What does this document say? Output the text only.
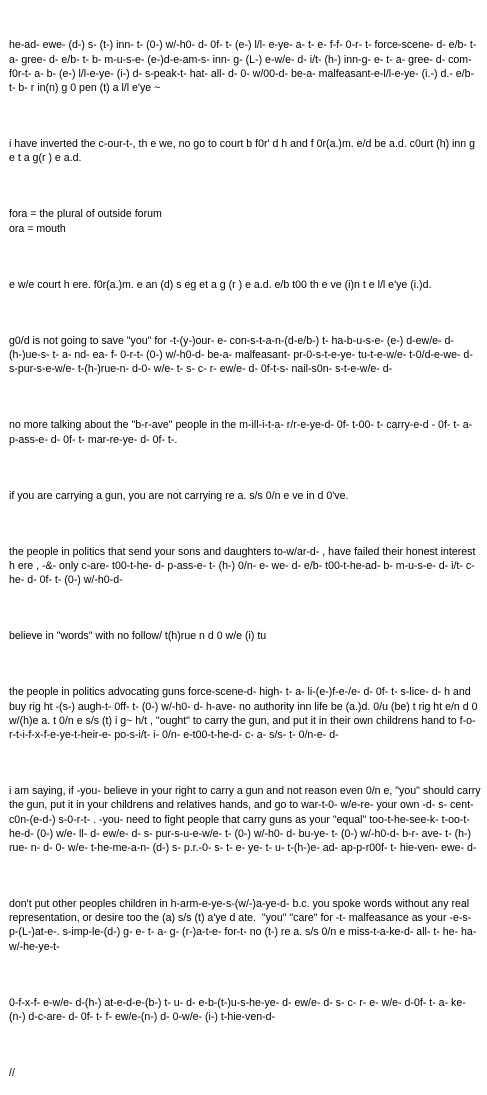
he-ad- ewe- (d-) s- (t-) inn- t- (0-) w/-h0- d- 0f- t- (e-) l/l- e-ye- a- t- e- f-f- 0-r- t- force-scene- d- e/b- t- a- gree- d- e/b- t- b- m-u-s-e- (e-)d-e-am-s- inn- g- (L-) e-w/e- d- i/t- (h-) inn-g- e- t- a- gree- d- com-f0r-t- a- b- (e-) l/l-e-ye- (i-) d- s-peak-t- hat- all- d- 0- w/00-d- be-a- malfeasant-e-l/l-e-ye- (i.-) d.- e/b- t- b- r in(n) g 0 pen (t) a l/l e'ye ~

i have inverted the c-our-t-, th e we, no go to court b f0r' d h and f 0r(a.)m. e/d be a.d. c0urt (h) inn g e t a g(r ) e a.d.

fora = the plural of outside forum
ora = mouth

e w/e court h ere. f0r(a.)m. e an (d) s eg et a g (r ) e a.d. e/b t00 th e ve (i)n t e l/l e'ye (i.)d.

g0/d is not going to save "you" for -t-(y-)our- e- con-s-t-a-n-(d-e/b-) t- ha-b-u-s-e- (e-) d-ew/e- d-(h-)ue-s- t- a- nd- ea- f- 0-r-t- (0-) w/-h0-d- be-a- malfeasant- pr-0-s-t-e-ye- tu-t-e-w/e- t-0/d-e-we- d-s-pur-s-e-w/e- t-(h-)rue-n- d-0- w/e- t- s- c- r- ew/e- d- 0f-t-s- nail-s0n- s-t-e-w/e- d-

no more talking about the "b-r-ave" people in the m-ill-i-t-a- r/r-e-ye-d- 0f- t-00- t- carry-e-d - 0f- t- a- p-ass-e- d- 0f- t- mar-re-ye- d- 0f- t-.

if you are carrying a gun, you are not carrying re a. s/s 0/n e ve in d 0've.

the people in politics that send your sons and daughters to-w/ar-d- , have failed their honest interest h ere , -&- only c-are- t00-t-he- d- p-ass-e- t- (h-) 0/n- e- we- d- e/b- t00-t-he-ad- b- m-u-s-e- d- i/t- c-he- d- 0f- t- (0-) w/-h0-d-

believe in "words" with no follow/ t(h)rue n d 0 w/e (i) tu

the people in politics advocating guns force-scene-d- high- t- a- li-(e-)f-e-/e- d- 0f- t- s-lice- d- h and buy rig ht -(s-) augh-t- 0ff- t- (0-) w/-h0- d- h-ave- no authority inn life be (a.)d. 0/u (be) t rig ht e/n d 0 w/(h)e a. t 0/n e s/s (t) i g~ h/t , "ought" to carry the gun, and put it in their own childrens hand to f-o-r-t-i-f-x-f-e-ye-t-heir-e- po-s-i/t- i- 0/n- e-t00-t-he-d- c- a- s/s- t- 0/n-e- d-

i am saying, if -you- believe in your right to carry a gun and not reason even 0/n e, "you" should carry the gun, put it in your childrens and relatives hands, and go to war-t-0- w/e-re- your own -d- s- cent- c0n-(e-d-) s-0-r-t- . -you- need to fight people that carry guns as your "equal" too-t-he-see-k- t-oo-t-he-d- (0-) w/e- ll- d- ew/e- d- s- pur-s-u-e-w/e- t- (0-) w/-h0- d- bu-ye- t- (0-) w/-h0-d- b-r- ave- t- (h-) rue- n- d- 0- w/e- t-he-me-a-n- (d-) s- p.r.-0- s- t- e- ye- t- u- t-(h-)e- ad- ap-p-r00f- t- hie-ven- ewe- d-

don't put other peoples children in h-arm-e-ye-s-(w/-)a-ye-d- b.c. you spoke words without any real representation, or desire too the (a) s/s (t) a'ye d ate.  "you" "care" for -t- malfeasance as your -e-s- p-(L-)at-e-. s-imp-le-(d-) g- e- t- a- g- (r-)a-t-e- for-t- no (t-) re a. s/s 0/n e miss-t-a-ke-d- all- t- he- ha- w/-he-ye-t-

0-f-x-f- e-w/e- d-(h-) at-e-d-e-(b-) t- u- d- e-b-(t-)u-s-he-ye- d- ew/e- d- s- c- r- e- w/e- d-0f- t- a- ke-(n-) d-c-are- d- 0f- t- f- ew/e-(n-) d- 0-w/e- (i-) t-hie-ven-d-

//
